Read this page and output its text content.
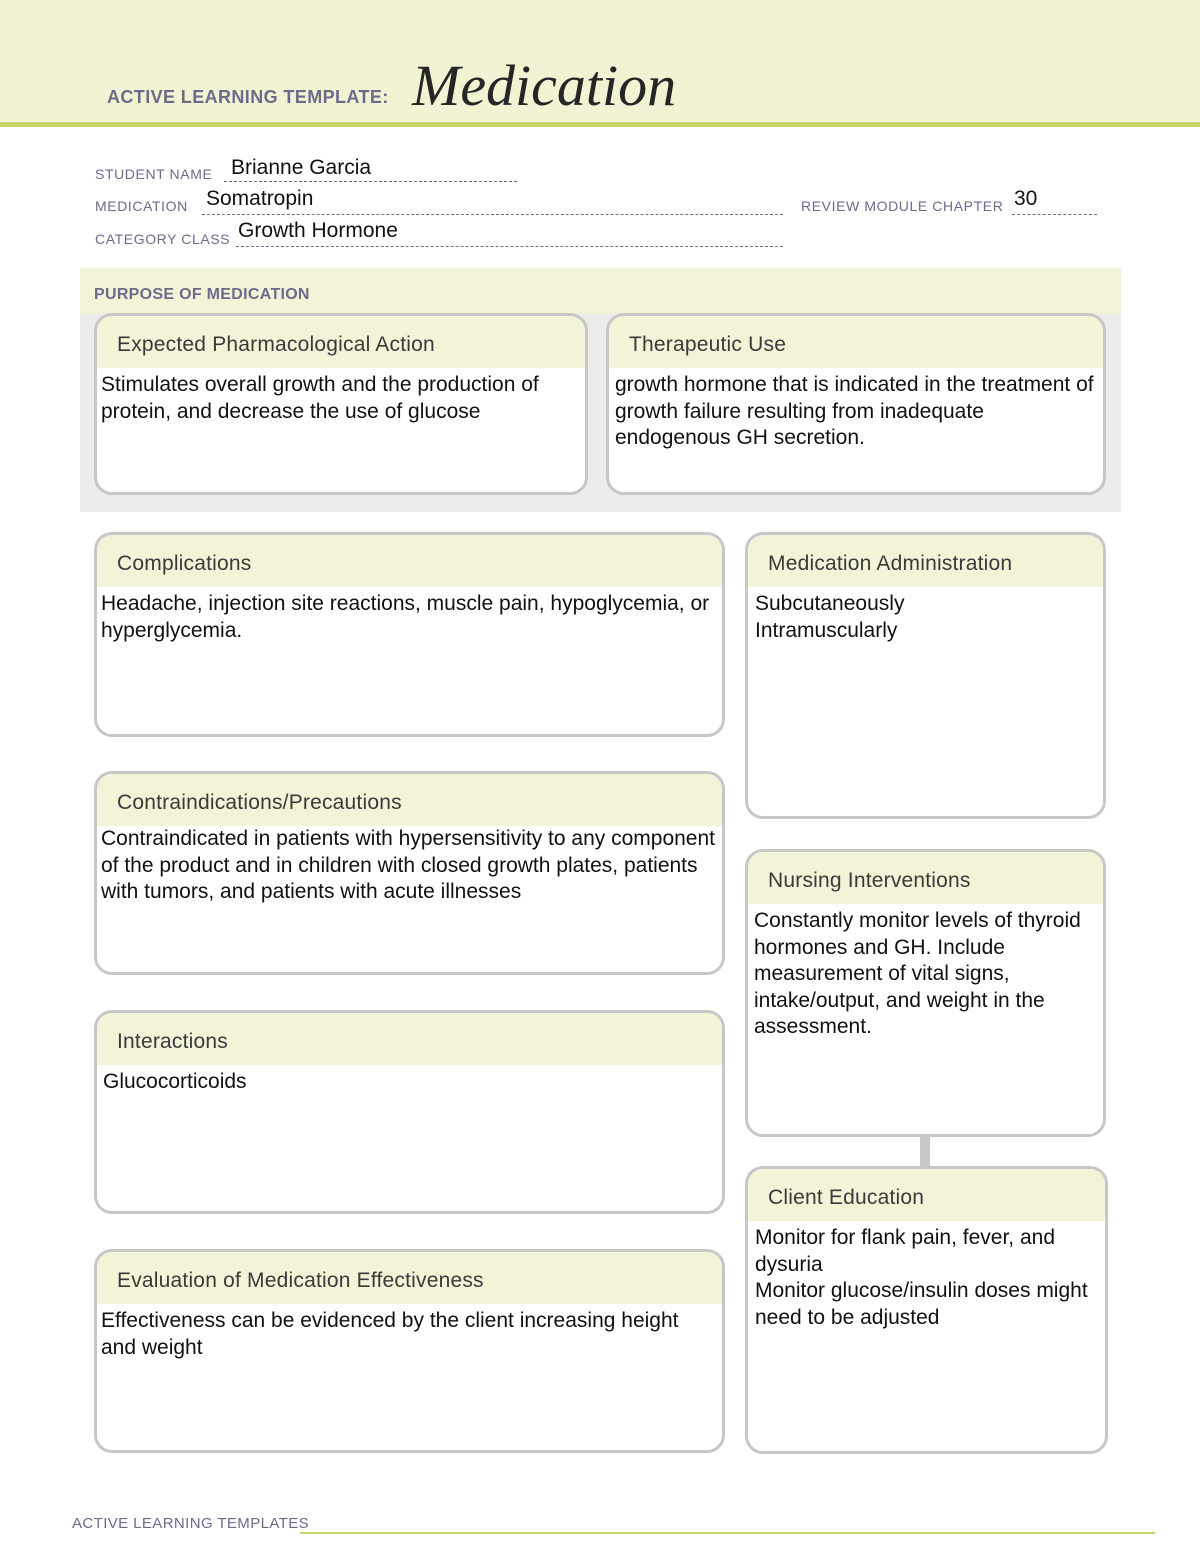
ACTIVE LEARNING TEMPLATE: Medication
STUDENT NAME Brianne Garcia
MEDICATION Somatropin	REVIEW MODULE CHAPTER 30
CATEGORY CLASS Growth Hormone
PURPOSE OF MEDICATION
Expected Pharmacological Action
Stimulates overall growth and the production of protein, and decrease the use of glucose
Therapeutic Use
growth hormone that is indicated in the treatment of growth failure resulting from inadequate endogenous GH secretion.
Complications
Headache, injection site reactions, muscle pain, hypoglycemia, or hyperglycemia.
Contraindications/Precautions
Contraindicated in patients with hypersensitivity to any component of the product and in children with closed growth plates, patients with tumors, and patients with acute illnesses
Interactions
Glucocorticoids
Evaluation of Medication Effectiveness
Effectiveness can be evidenced by the client increasing height and weight
Medication Administration
Subcutaneously
Intramuscularly
Nursing Interventions
Constantly monitor levels of thyroid hormones and GH. Include measurement of vital signs, intake/output, and weight in the assessment.
Client Education
Monitor for flank pain, fever, and dysuria
Monitor glucose/insulin doses might need to be adjusted
ACTIVE LEARNING TEMPLATES
